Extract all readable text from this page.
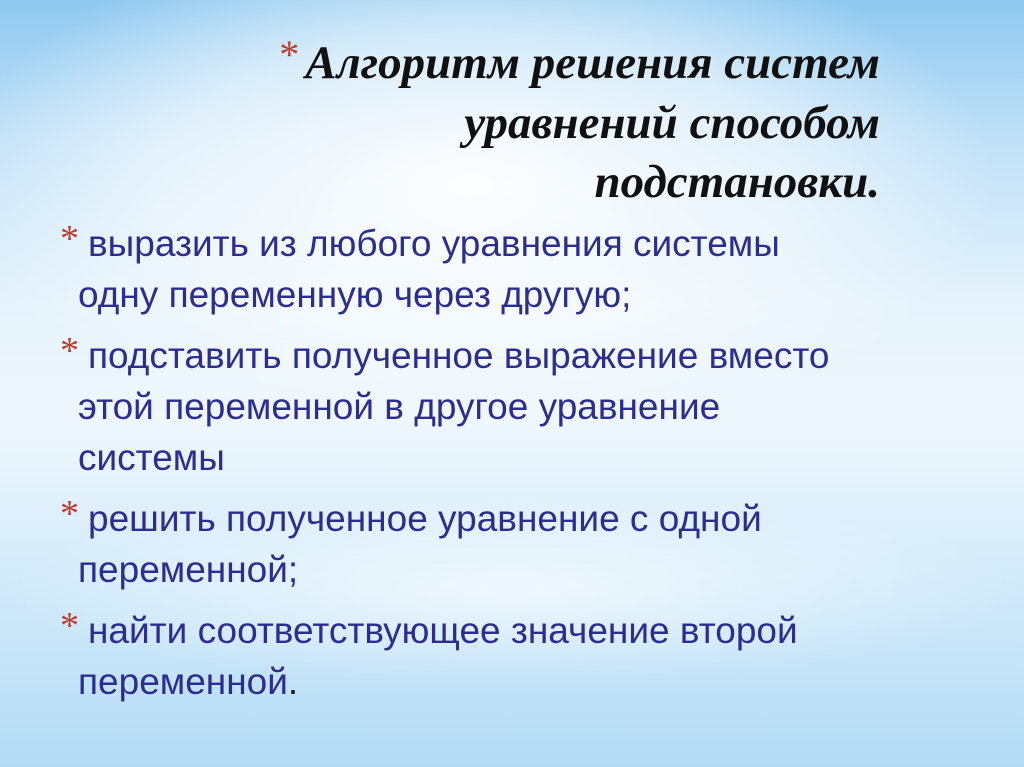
* Алгоритм решения систем
уравнений способом
подстановки.
* выразить из любого уравнения системы
одну переменную через другую;
* подставить полученное выражение вместо
этой переменной в другое уравнение
системы
* решить полученное уравнение с одной
переменной;
* найти соответствующее значение второй
переменной.
